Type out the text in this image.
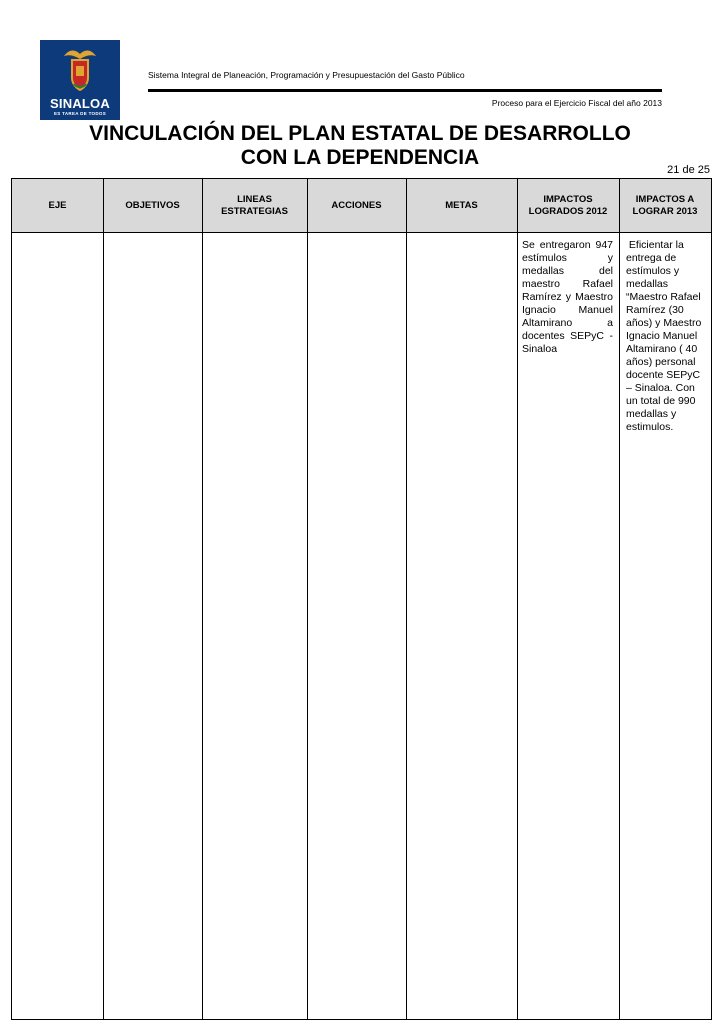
SINALOA
ES TAREA DE TODOS
Sistema Integral de Planeación, Programación y Presupuestación del Gasto Público
Proceso para el Ejercicio Fiscal del año 2013
VINCULACIÓN DEL PLAN ESTATAL DE DESARROLLO
CON LA DEPENDENCIA
21 de 25
EJE	OBJETIVOS
LINEAS ESTRATEGIAS
ACCIONES	METAS
IMPACTOS LOGRADOS 2012
IMPACTOS A LOGRAR 2013
Se entregaron 947 estímulos y medallas del maestro Rafael Ramírez y Maestro Ignacio Manuel Altamirano a docentes SEPyC - Sinaloa
Eficientar la entrega de estímulos y medallas “Maestro Rafael Ramírez (30 años) y Maestro Ignacio Manuel Altamirano ( 40 años) personal docente SEPyC – Sinaloa. Con un total de 990 medallas y estimulos.
